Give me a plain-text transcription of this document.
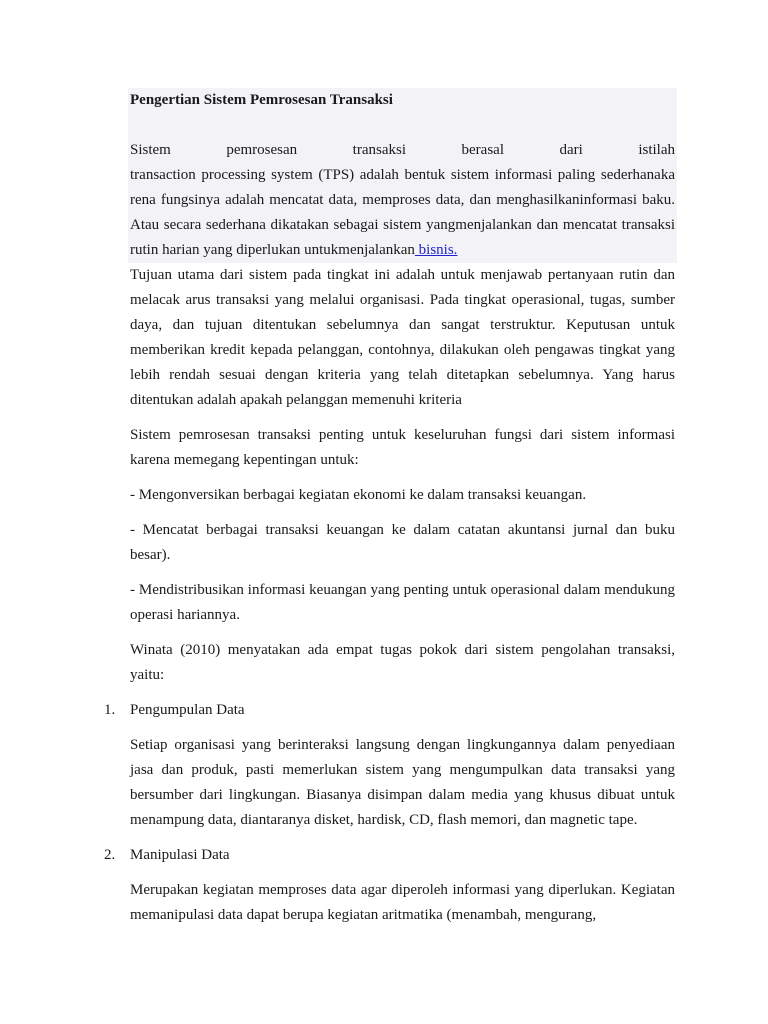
Pengertian Sistem Pemrosesan Transaksi

Sistem pemrosesan transaksi berasal dari istilah

transaction processing system (TPS) adalah bentuk sistem informasi paling sederhanaka rena fungsinya adalah mencatat data, memproses data, dan menghasilkaninformasi baku. Atau secara sederhana dikatakan sebagai sistem yangmenjalankan dan mencatat transaksi rutin harian yang diperlukan untukmenjalankan bisnis.

Tujuan utama dari sistem pada tingkat ini adalah untuk menjawab pertanyaan rutin dan melacak arus transaksi yang melalui organisasi. Pada tingkat operasional, tugas, sumber daya, dan tujuan ditentukan sebelumnya dan sangat terstruktur. Keputusan untuk memberikan kredit kepada pelanggan, contohnya, dilakukan oleh pengawas tingkat yang lebih rendah sesuai dengan kriteria yang telah ditetapkan sebelumnya. Yang harus ditentukan adalah apakah pelanggan memenuhi kriteria

Sistem pemrosesan transaksi penting untuk keseluruhan fungsi dari sistem informasi karena memegang kepentingan untuk:

- Mengonversikan berbagai kegiatan ekonomi ke dalam transaksi keuangan.

- Mencatat berbagai transaksi keuangan ke dalam catatan akuntansi jurnal dan buku besar).

- Mendistribusikan informasi keuangan yang penting untuk operasional dalam mendukung operasi hariannya.

Winata (2010) menyatakan ada empat tugas pokok dari sistem pengolahan transaksi, yaitu:

1. Pengumpulan Data

Setiap organisasi yang berinteraksi langsung dengan lingkungannya dalam penyediaan jasa dan produk, pasti memerlukan sistem yang mengumpulkan data transaksi yang bersumber dari lingkungan. Biasanya disimpan dalam media yang khusus dibuat untuk menampung data, diantaranya disket, hardisk, CD, flash memori, dan magnetic tape.

2. Manipulasi Data

Merupakan kegiatan memproses data agar diperoleh informasi yang diperlukan. Kegiatan memanipulasi data dapat berupa kegiatan aritmatika (menambah, mengurang,
